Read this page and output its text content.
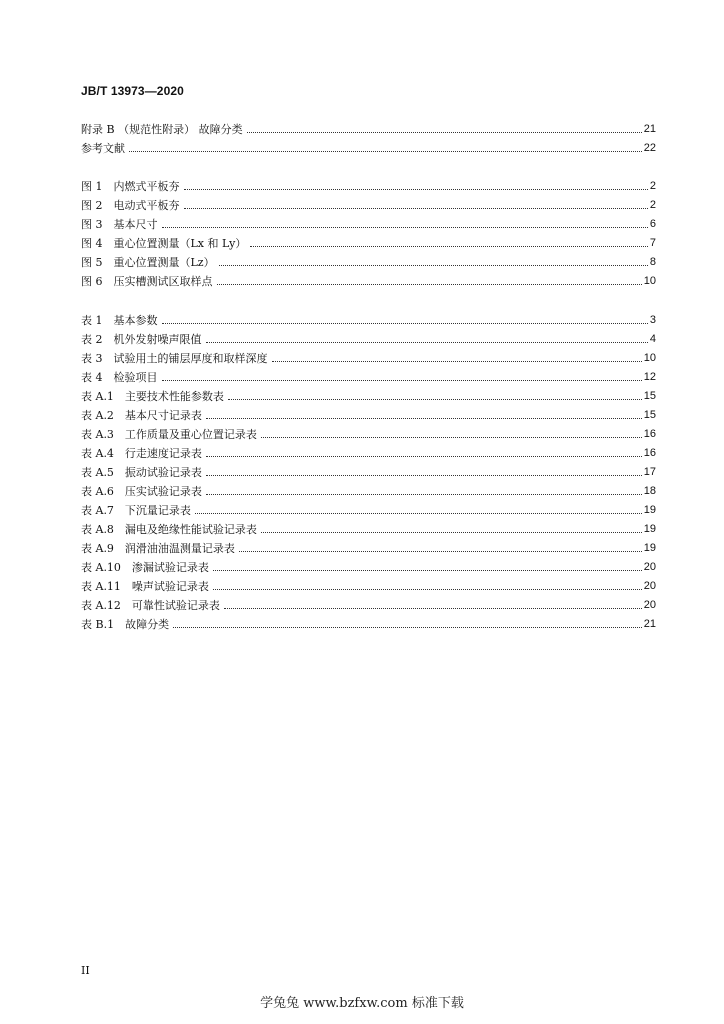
JB/T 13973—2020
附录 B （规范性附录） 故障分类	21
参考文献	22
图 1　内燃式平板夯	2
图 2　电动式平板夯	2
图 3　基本尺寸	6
图 4　重心位置测量（Lx 和 Ly）	7
图 5　重心位置测量（Lz）	8
图 6　压实槽测试区取样点	10
表 1　基本参数	3
表 2　机外发射噪声限值	4
表 3　试验用土的铺层厚度和取样深度	10
表 4　检验项目	12
表 A.1　主要技术性能参数表	15
表 A.2　基本尺寸记录表	15
表 A.3　工作质量及重心位置记录表	16
表 A.4　行走速度记录表	16
表 A.5　振动试验记录表	17
表 A.6　压实试验记录表	18
表 A.7　下沉量记录表	19
表 A.8　漏电及绝缘性能试验记录表	19
表 A.9　润滑油油温测量记录表	19
表 A.10　渗漏试验记录表	20
表 A.11　噪声试验记录表	20
表 A.12　可靠性试验记录表	20
表 B.1　故障分类	21
II
学兔兔 www.bzfxw.com 标准下载
